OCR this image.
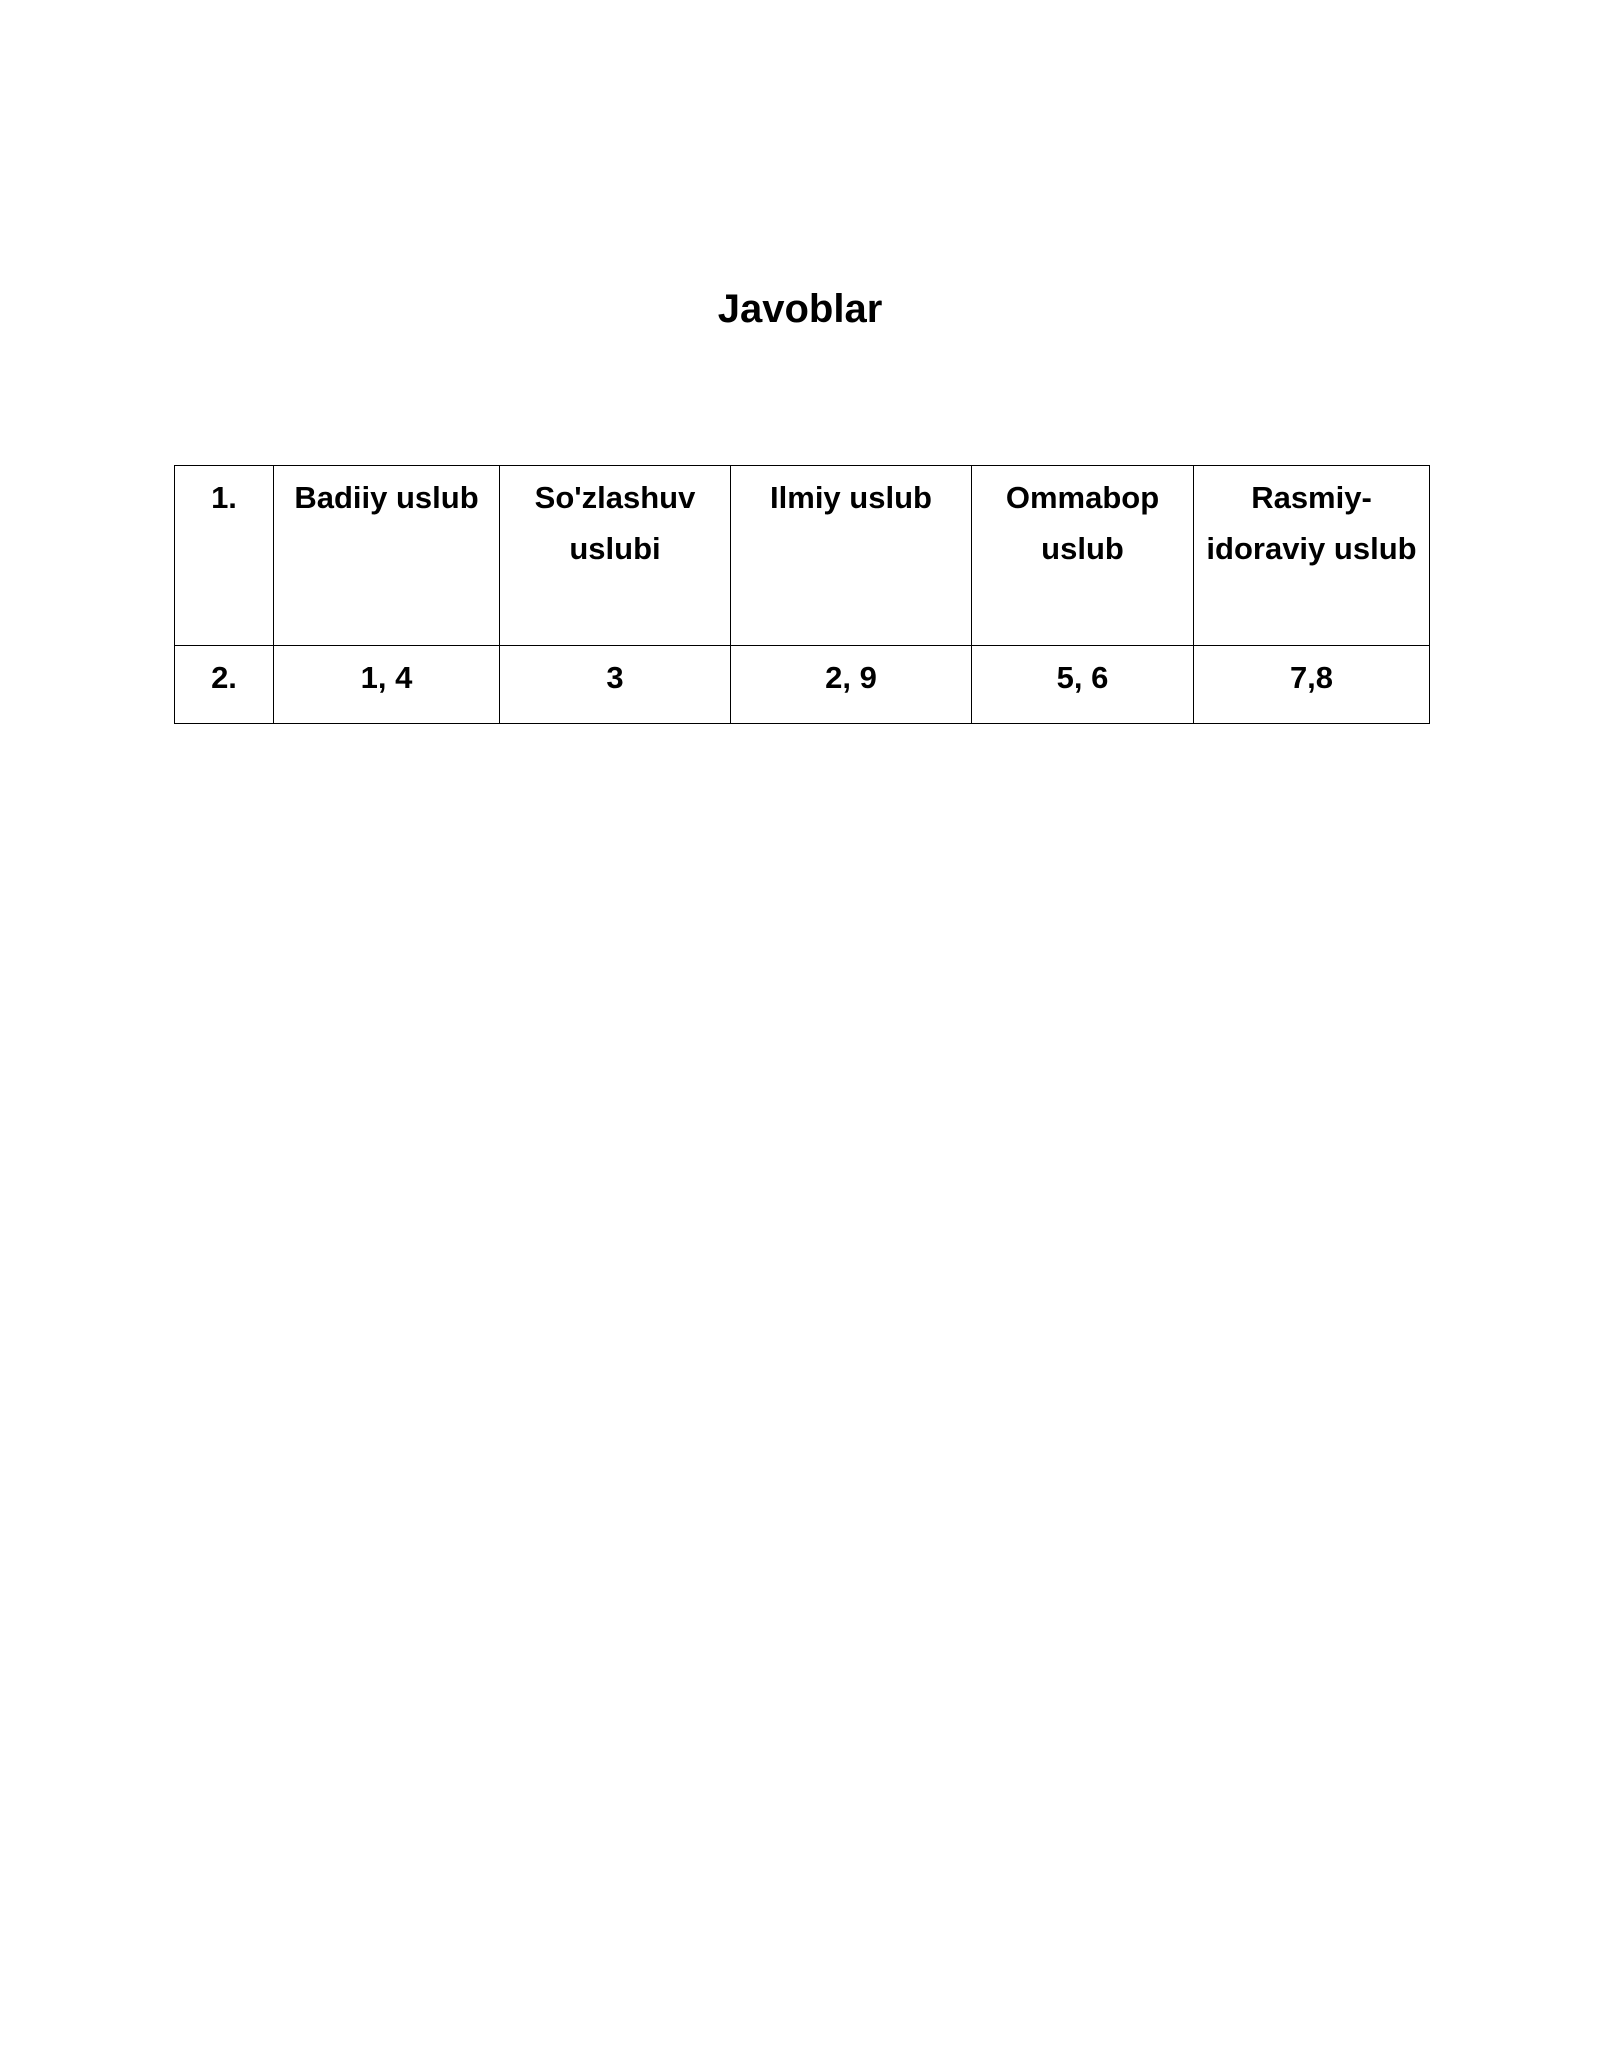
Javoblar
1.	Badiiy uslub	So'zlashuv uslubi	Ilmiy uslub	Ommabop uslub	Rasmiy-idoraviy uslub
2.	1, 4	3	2, 9	5, 6	7,8
